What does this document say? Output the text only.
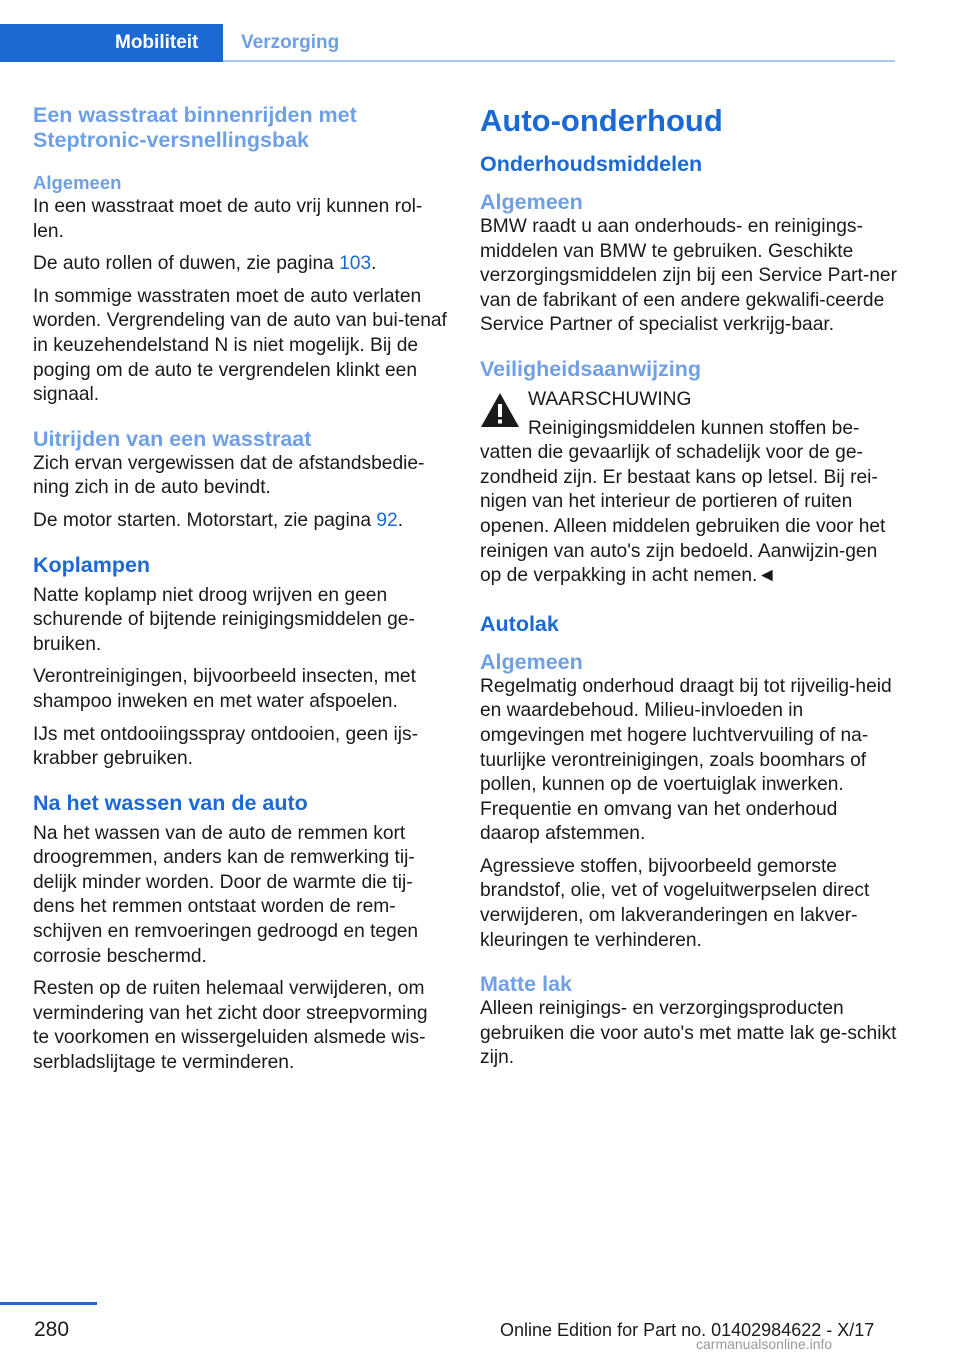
Mobiliteit Verzorging
Een wasstraat binnenrijden met Steptronic-versnellingsbak
Algemeen

In een wasstraat moet de auto vrij kunnen rol-len.

De auto rollen of duwen, zie pagina 103.

In sommige wasstraten moet de auto verlaten worden. Vergrendeling van de auto van bui-tenaf in keuzehendelstand N is niet mogelijk. Bij de poging om de auto te vergrendelen klinkt een signaal.

Uitrijden van een wasstraat

Zich ervan vergewissen dat de afstandsbedie-ning zich in de auto bevindt.

De motor starten. Motorstart, zie pagina 92.

Koplampen

Natte koplamp niet droog wrijven en geen schurende of bijtende reinigingsmiddelen ge-bruiken.

Verontreinigingen, bijvoorbeeld insecten, met shampoo inweken en met water afspoelen.

IJs met ontdooiingsspray ontdooien, geen ijs-krabber gebruiken.

Na het wassen van de auto

Na het wassen van de auto de remmen kort droogremmen, anders kan de remwerking tij-delijk minder worden. Door de warmte die tij-dens het remmen ontstaat worden de rem-schijven en remvoeringen gedroogd en tegen corrosie beschermd.

Resten op de ruiten helemaal verwijderen, om vermindering van het zicht door streepvorming te voorkomen en wissergeluiden alsmede wis-serbladslijtage te verminderen.

Auto-onderhoud
Onderhoudsmiddelen
Algemeen

BMW raadt u aan onderhouds- en reinigings-middelen van BMW te gebruiken. Geschikte verzorgingsmiddelen zijn bij een Service Part-ner van de fabrikant of een andere gekwalifi-ceerde Service Partner of specialist verkrijg-baar.

Veiligheidsaanwijzing
WAARSCHUWING

Reinigingsmiddelen kunnen stoffen be-vatten die gevaarlijk of schadelijk voor de ge-zondheid zijn. Er bestaat kans op letsel. Bij rei-nigen van het interieur de portieren of ruiten openen. Alleen middelen gebruiken die voor het reinigen van auto's zijn bedoeld. Aanwijzin-gen op de verpakking in acht nemen.◄

Autolak
Algemeen

Regelmatig onderhoud draagt bij tot rijveilig-heid en waardebehoud. Milieu-invloeden in omgevingen met hogere luchtvervuiling of na-tuurlijke verontreinigingen, zoals boomhars of pollen, kunnen op de voertuiglak inwerken. Frequentie en omvang van het onderhoud daarop afstemmen.

Agressieve stoffen, bijvoorbeeld gemorste brandstof, olie, vet of vogeluitwerpselen direct verwijderen, om lakveranderingen en lakver-kleuringen te verhinderen.

Matte lak

Alleen reinigings- en verzorgingsproducten gebruiken die voor auto's met matte lak ge-schikt zijn.

280	Online Edition for Part no. 01402984622 - X/17
carmanualsonline.info
